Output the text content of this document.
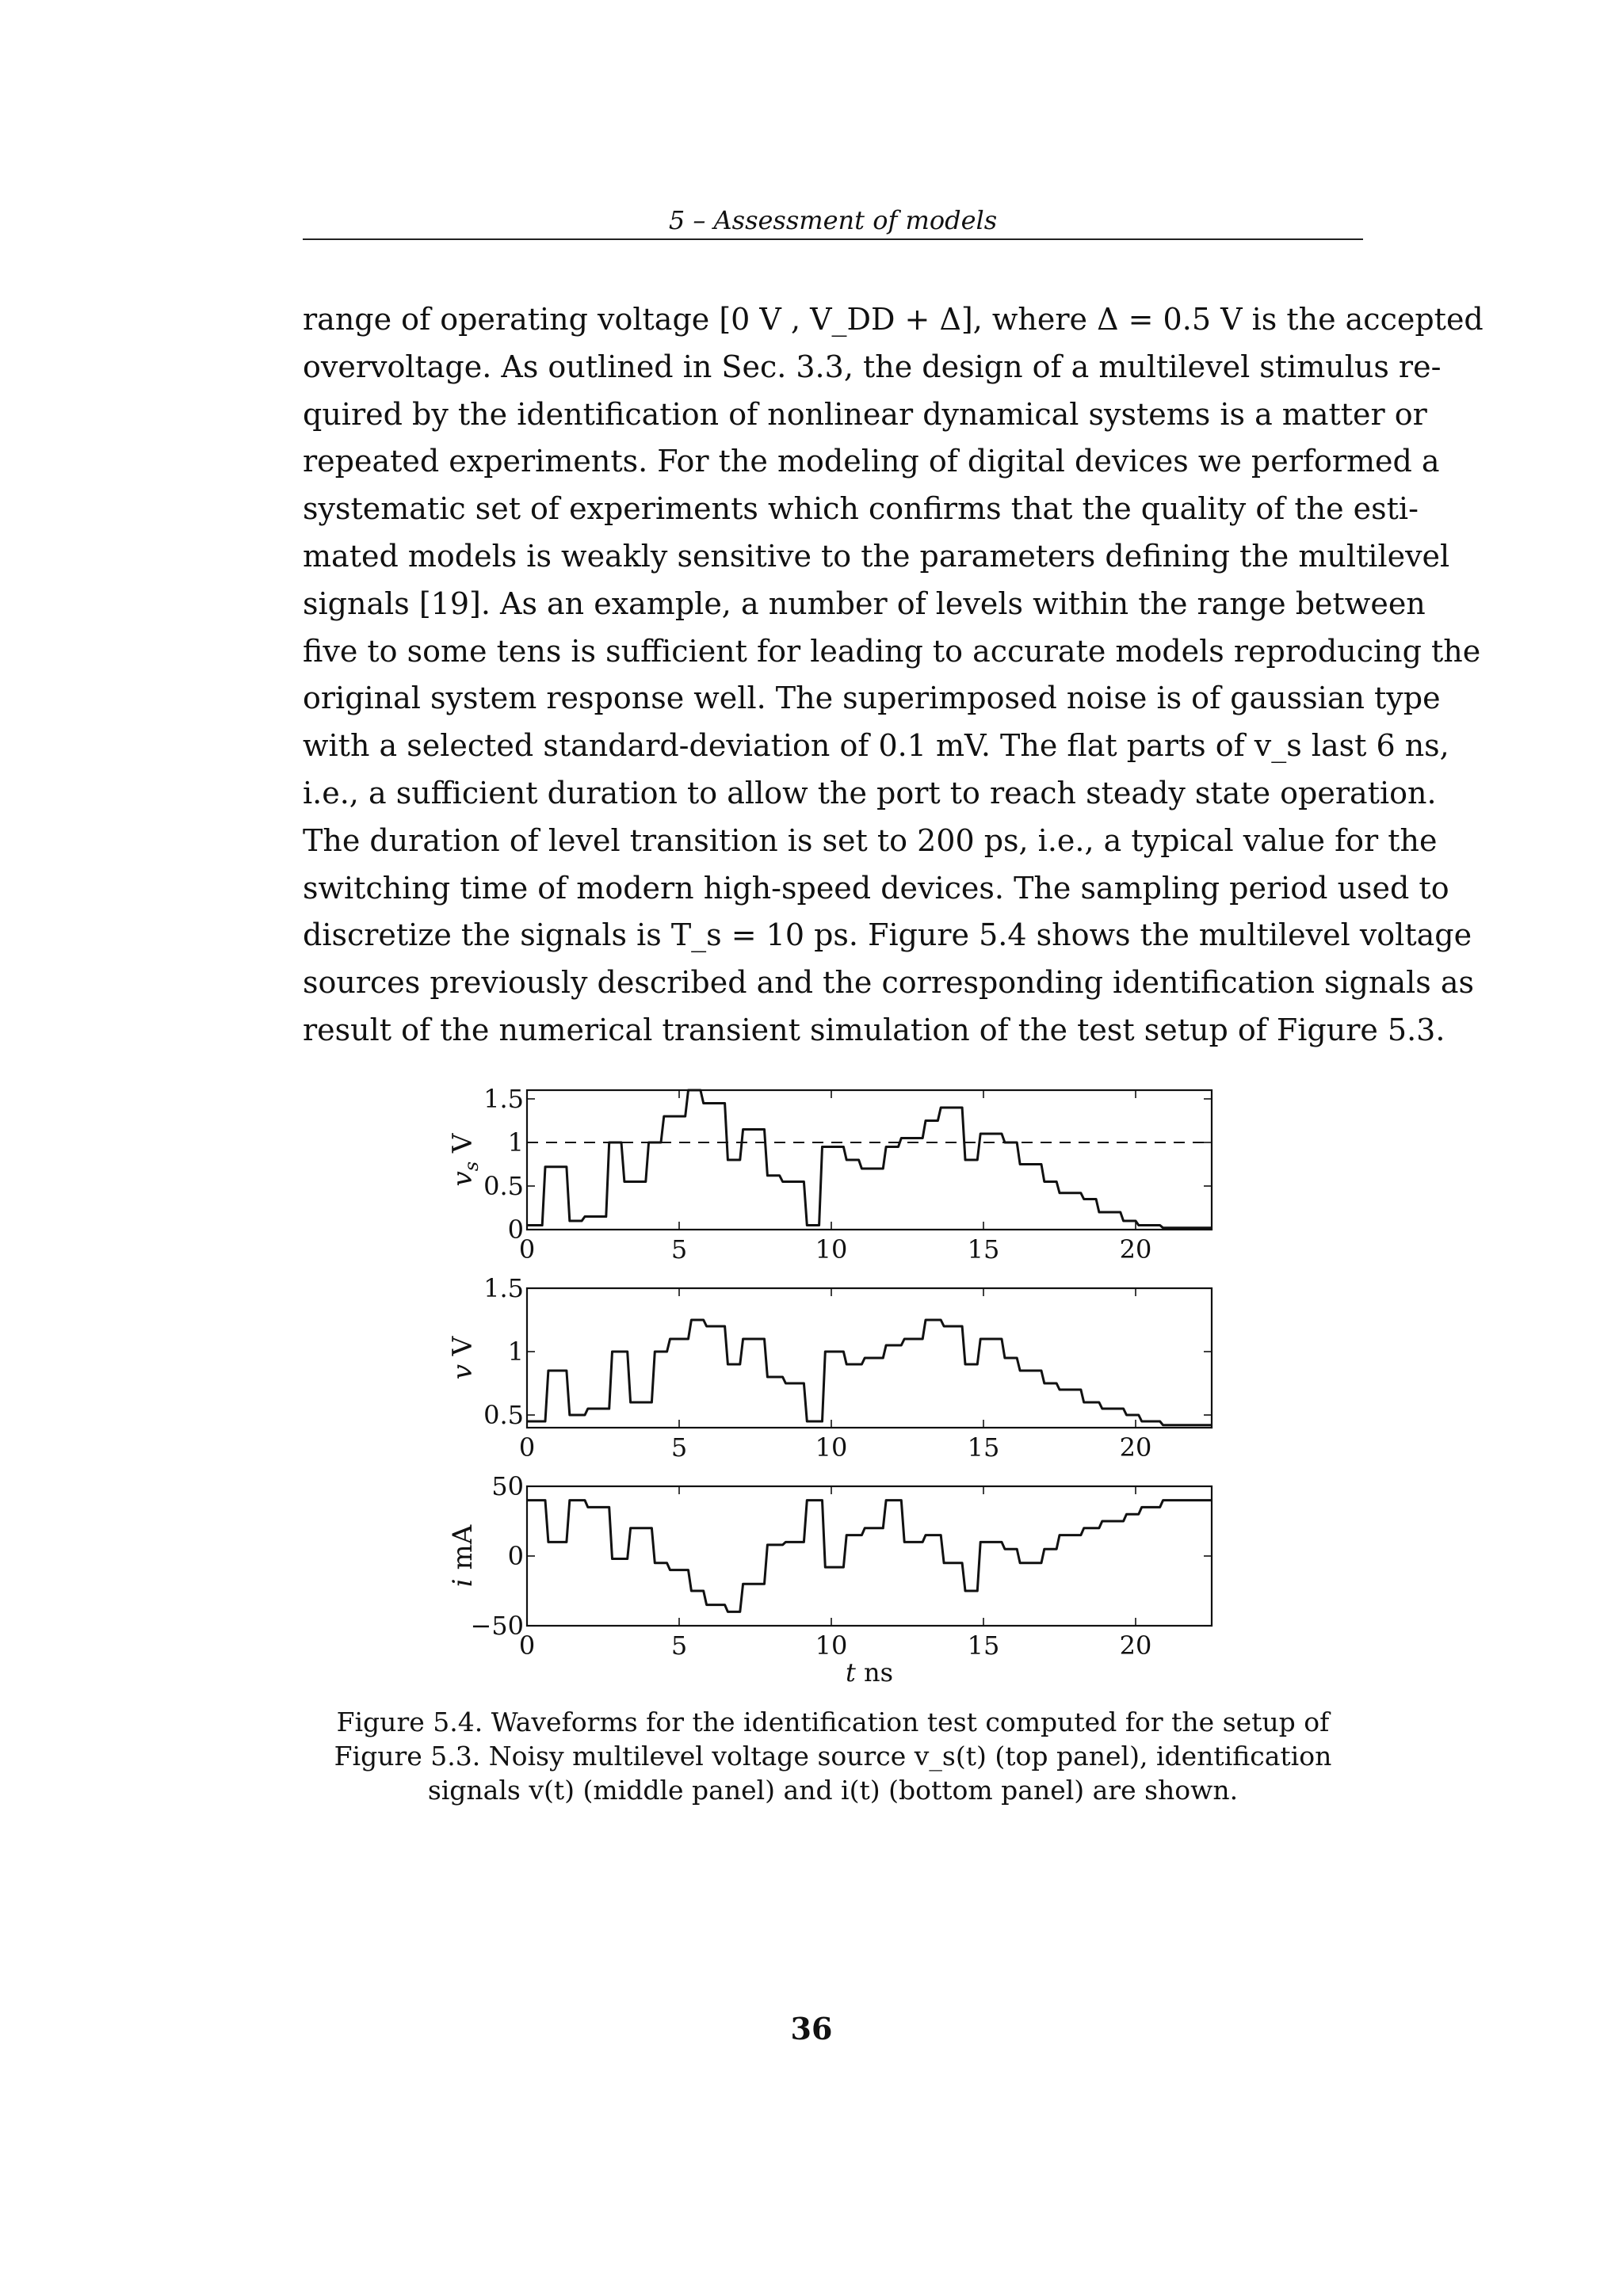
5 – Assessment of models
range of operating voltage [0 V , V_DD + Δ], where Δ = 0.5 V is the accepted
overvoltage. As outlined in Sec. 3.3, the design of a multilevel stimulus re-
quired by the identification of nonlinear dynamical systems is a matter or
repeated experiments. For the modeling of digital devices we performed a
systematic set of experiments which confirms that the quality of the esti-
mated models is weakly sensitive to the parameters defining the multilevel
signals [19]. As an example, a number of levels within the range between
five to some tens is sufficient for leading to accurate models reproducing the
original system response well. The superimposed noise is of gaussian type
with a selected standard-deviation of 0.1 mV. The flat parts of v_s last 6 ns,
i.e., a sufficient duration to allow the port to reach steady state operation.
The duration of level transition is set to 200 ps, i.e., a typical value for the
switching time of modern high-speed devices. The sampling period used to
discretize the signals is T_s = 10 ps. Figure 5.4 shows the multilevel voltage
sources previously described and the corresponding identification signals as
result of the numerical transient simulation of the test setup of Figure 5.3.
0	5	10	15	20
0
0.5
1
1.5
$v_s$ V
0	5	10	15	20
0.5
1
1.5
v V
0	5	10	15	20
−50
0
50
i mA
t ns
Figure 5.4. Waveforms for the identification test computed for the setup of
Figure 5.3. Noisy multilevel voltage source v_s(t) (top panel), identification
signals v(t) (middle panel) and i(t) (bottom panel) are shown.
36
